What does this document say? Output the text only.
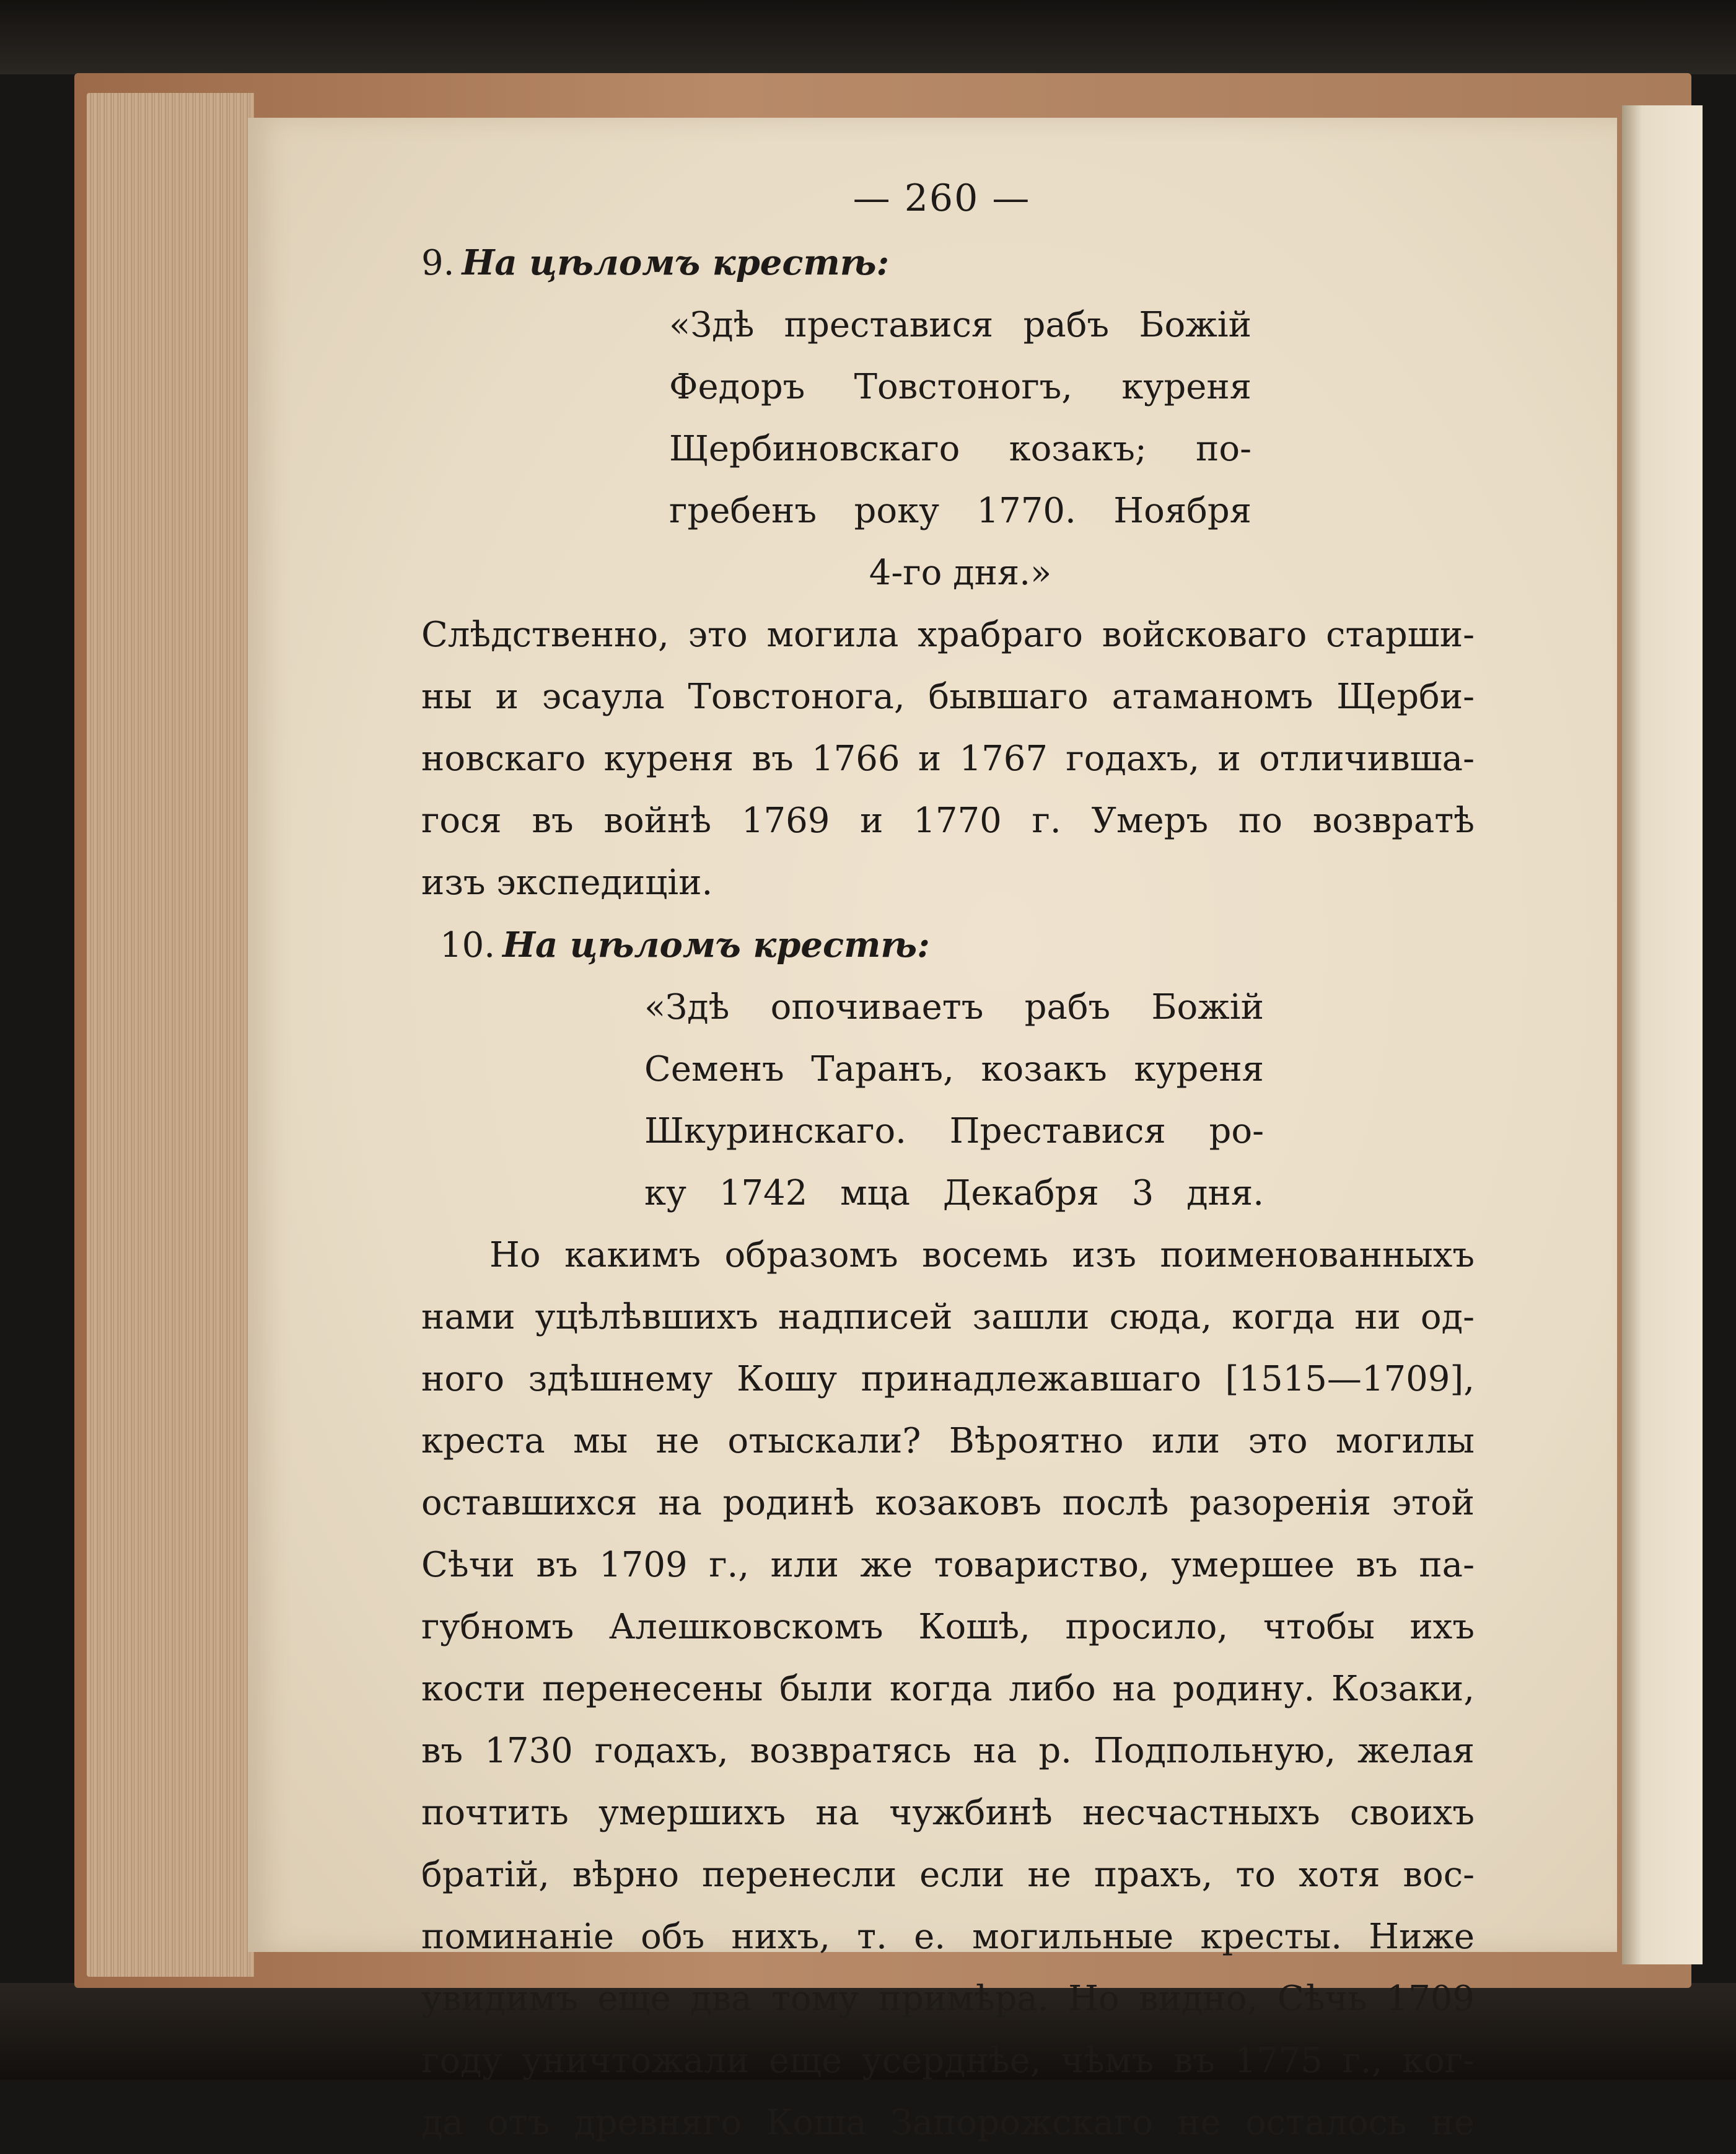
— 260 —
9. На цѣломъ крестѣ:
«Здѣ преставися рабъ Божій
Федоръ Товстоногъ, куреня
Щербиновскаго козакъ; по-
гребенъ року 1770. Ноября
4-го дня.»
Слѣдственно, это могила храбраго войсковаго старши-
ны и эсаула Товстонога, бывшаго атаманомъ Щерби-
новскаго куреня въ 1766 и 1767 годахъ, и отличивша-
гося въ войнѣ 1769 и 1770 г. Умеръ по возвратѣ
изъ экспедиціи.
10. На цѣломъ крестѣ:
«Здѣ опочиваетъ рабъ Божій
Семенъ Таранъ, козакъ куреня
Шкуринскаго. Преставися ро-
ку 1742 мца Декабря 3 дня.
Но какимъ образомъ восемь изъ поименованныхъ
нами уцѣлѣвшихъ надписей зашли сюда, когда ни од-
ного здѣшнему Кошу принадлежавшаго [1515—1709],
креста мы не отыскали? Вѣроятно или это могилы
оставшихся на родинѣ козаковъ послѣ разоренія этой
Сѣчи въ 1709 г., или же товариство, умершее въ па-
губномъ Алешковскомъ Кошѣ, просило, чтобы ихъ
кости перенесены были когда либо на родину. Козаки,
въ 1730 годахъ, возвратясь на р. Подпольную, желая
почтить умершихъ на чужбинѣ несчастныхъ своихъ
братій, вѣрно перенесли если не прахъ, то хотя вос-
поминаніе объ нихъ, т. е. могильные кресты. Ниже
увидимъ еще два тому примѣра. Но видно, Сѣчь 1709
году уничтожали еще усерднѣе, чѣмъ въ 1775 г., ког-
да отъ древняго Коша Запорожскаго не осталось не
